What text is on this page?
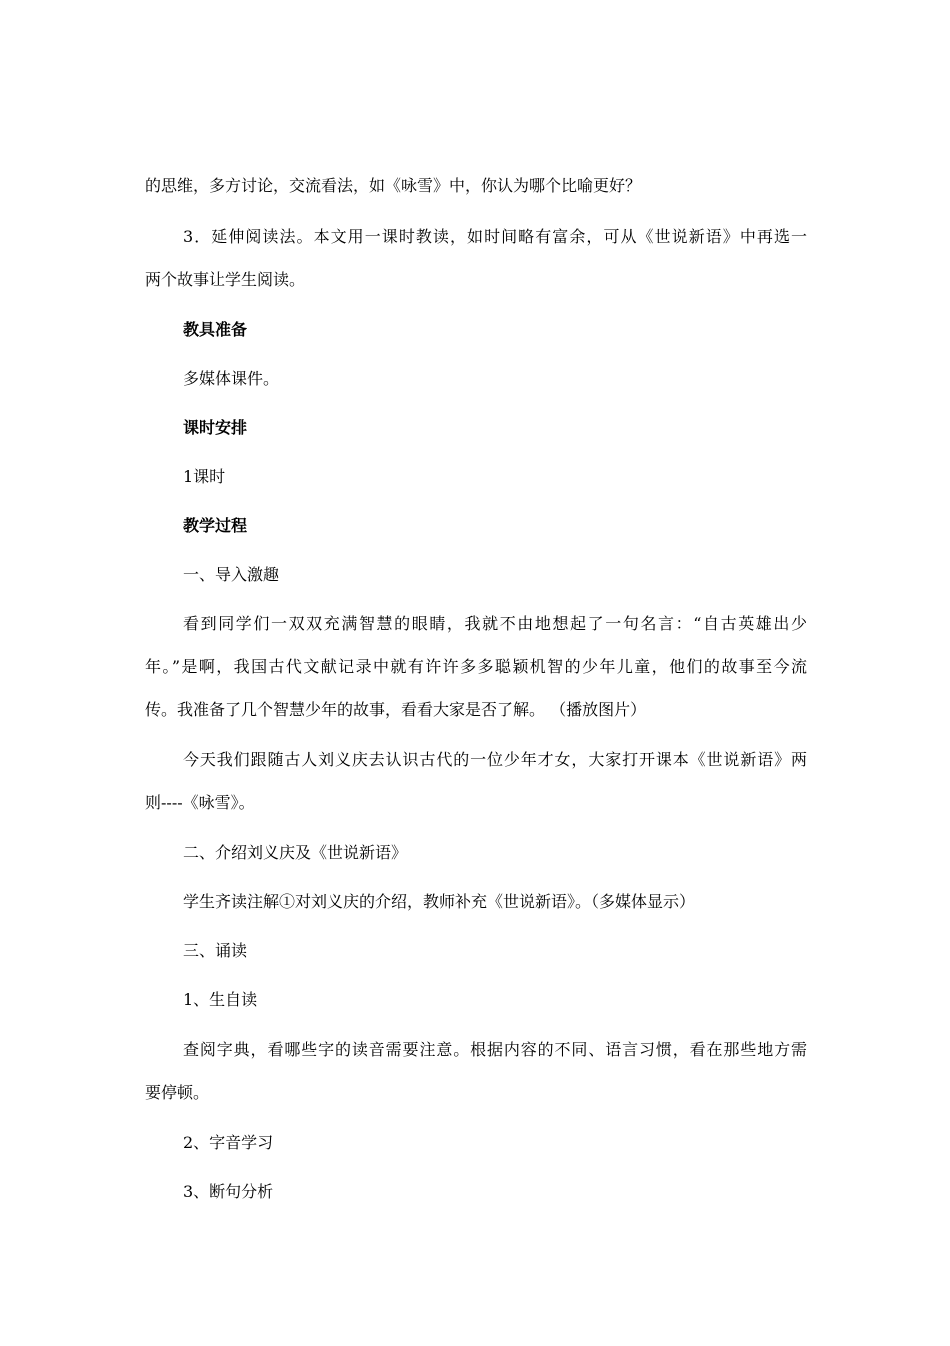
的思维，多方讨论，交流看法，如《咏雪》中，你认为哪个比喻更好？
3．延伸阅读法。本文用一课时教读，如时间略有富余，可从《世说新语》中再选一
两个故事让学生阅读。
教具准备
多媒体课件。
课时安排
1课时
教学过程
一、导入激趣
看到同学们一双双充满智慧的眼睛，我就不由地想起了一句名言：“自古英雄出少
年。”是啊，我国古代文献记录中就有许许多多聪颖机智的少年儿童，他们的故事至今流
传。我准备了几个智慧少年的故事，看看大家是否了解。 （播放图片）
今天我们跟随古人刘义庆去认识古代的一位少年才女，大家打开课本《世说新语》两
则----《咏雪》。
二、介绍刘义庆及《世说新语》
学生齐读注解①对刘义庆的介绍，教师补充《世说新语》。（多媒体显示）
三、诵读
1、生自读
查阅字典，看哪些字的读音需要注意。根据内容的不同、语言习惯，看在那些地方需
要停顿。
2、字音学习
3、断句分析
